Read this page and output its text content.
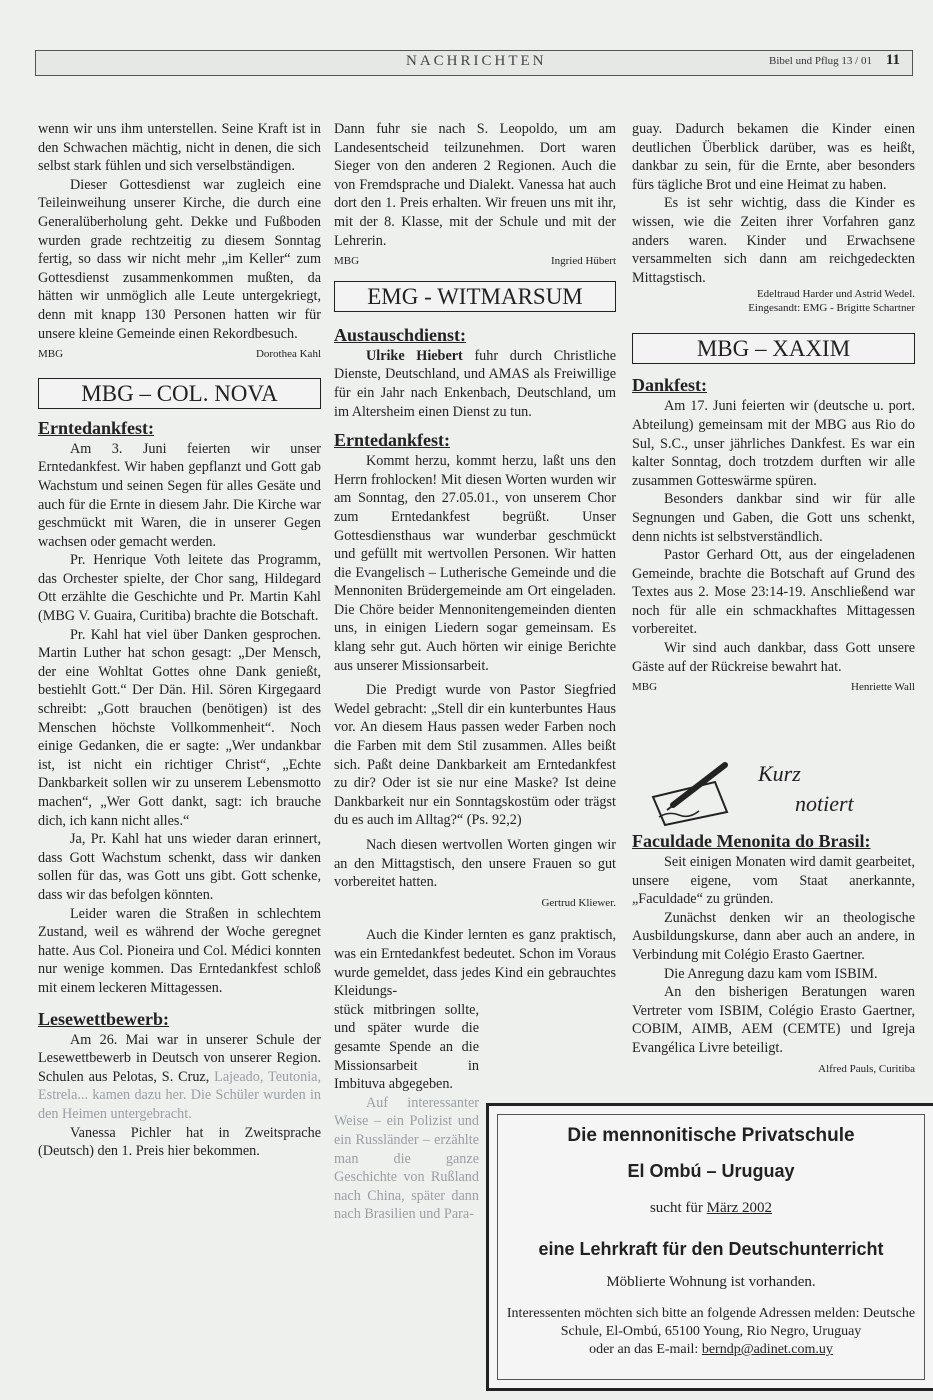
NACHRICHTEN	Bibel und Pflug 13 / 01 11

wenn wir uns ihm unterstellen. Seine Kraft ist in den Schwachen mächtig, nicht in denen, die sich selbst stark fühlen und sich verselbständigen.

Dieser Gottesdienst war zugleich eine Teileinweihung unserer Kirche, die durch eine Generalüberholung geht. Dekke und Fußboden wurden grade rechtzeitig zu diesem Sonntag fertig, so dass wir nicht mehr „im Keller“ zum Gottesdienst zusammenkommen mußten, da hätten wir unmöglich alle Leute untergekriegt, denn mit knapp 130 Personen hatten wir für unsere kleine Gemeinde einen Rekordbesuch.

MBG	Dorothea Kahl
MBG – COL. NOVA
Erntedankfest:

Am 3. Juni feierten wir unser Erntedankfest. Wir haben gepflanzt und Gott gab Wachstum und seinen Segen für alles Gesäte und auch für die Ernte in diesem Jahr. Die Kirche war geschmückt mit Waren, die in unserer Gegen wachsen oder gemacht werden.

Pr. Henrique Voth leitete das Programm, das Orchester spielte, der Chor sang, Hildegard Ott erzählte die Geschichte und Pr. Martin Kahl (MBG V. Guaira, Curitiba) brachte die Botschaft.

Pr. Kahl hat viel über Danken gesprochen. Martin Luther hat schon gesagt: „Der Mensch, der eine Wohltat Gottes ohne Dank genießt, bestiehlt Gott.“ Der Dän. Hil. Sören Kirgegaard schreibt: „Gott brauchen (benötigen) ist des Menschen höchste Vollkommenheit“. Noch einige Gedanken, die er sagte: „Wer undankbar ist, ist nicht ein richtiger Christ“, „Echte Dankbarkeit sollen wir zu unserem Lebensmotto machen“, „Wer Gott dankt, sagt: ich brauche dich, ich kann nicht alles.“

Ja, Pr. Kahl hat uns wieder daran erinnert, dass Gott Wachstum schenkt, dass wir danken sollen für das, was Gott uns gibt. Gott schenke, dass wir das befolgen könnten.

Leider waren die Straßen in schlechtem Zustand, weil es während der Woche geregnet hatte. Aus Col. Pioneira und Col. Médici konnten nur wenige kommen. Das Erntedankfest schloß mit einem leckeren Mittagessen.

Lesewettbewerb:

Am 26. Mai war in unserer Schule der Lesewettbewerb in Deutsch von unserer Region. Schulen aus Pelotas, S. Cruz, Lajeado, Teutonia, Estrela... kamen dazu her. Die Schüler wurden in den Heimen untergebracht.

Vanessa Pichler hat in Zweitsprache (Deutsch) den 1. Preis hier bekommen.

Dann fuhr sie nach S. Leopoldo, um am Landesentscheid teilzunehmen. Dort waren Sieger von den anderen 2 Regionen. Auch die von Fremdsprache und Dialekt. Vanessa hat auch dort den 1. Preis erhalten. Wir freuen uns mit ihr, mit der 8. Klasse, mit der Schule und mit der Lehrerin.

MBG	Ingried Hübert
EMG - WITMARSUM
Austauschdienst:

Ulrike Hiebert fuhr durch Christliche Dienste, Deutschland, und AMAS als Freiwillige für ein Jahr nach Enkenbach, Deutschland, um im Altersheim einen Dienst zu tun.

Erntedankfest:

Kommt herzu, kommt herzu, laßt uns den Herrn frohlocken! Mit diesen Worten wurden wir am Sonntag, den 27.05.01., von unserem Chor zum Erntedankfest begrüßt. Unser Gottesdiensthaus war wunderbar geschmückt und gefüllt mit wertvollen Personen. Wir hatten die Evangelisch – Lutherische Gemeinde und die Mennoniten Brüdergemeinde am Ort eingeladen. Die Chöre beider Mennonitengemeinden dienten uns, in einigen Liedern sogar gemeinsam. Es klang sehr gut. Auch hörten wir einige Berichte aus unserer Missionsarbeit.

Die Predigt wurde von Pastor Siegfried Wedel gebracht: „Stell dir ein kunterbuntes Haus vor. An diesem Haus passen weder Farben noch die Farben mit dem Stil zusammen. Alles beißt sich. Paßt deine Dankbarkeit am Erntedankfest zu dir? Oder ist sie nur eine Maske? Ist deine Dankbarkeit nur ein Sonntagskostüm oder trägst du es auch im Alltag?“ (Ps. 92,2)

Nach diesen wertvollen Worten gingen wir an den Mittagstisch, den unsere Frauen so gut vorbereitet hatten.

Gertrud Kliewer.

Auch die Kinder lernten es ganz praktisch, was ein Erntedankfest bedeutet. Schon im Voraus wurde gemeldet, dass jedes Kind ein gebrauchtes Kleidungs-

stück mitbringen sollte, und später wurde die gesamte Spende an die Missionsarbeit in Imbituva abgegeben.

Auf interessanter Weise – ein Polizist und ein Russländer – erzählte man die ganze Geschichte von Rußland nach China, später dann nach Brasilien und Para-

guay. Dadurch bekamen die Kinder einen deutlichen Überblick darüber, was es heißt, dankbar zu sein, für die Ernte, aber besonders fürs tägliche Brot und eine Heimat zu haben.

Es ist sehr wichtig, dass die Kinder es wissen, wie die Zeiten ihrer Vorfahren ganz anders waren. Kinder und Erwachsene versammelten sich dann am reichgedeckten Mittagstisch.

Edeltraud Harder und Astrid Wedel.
Eingesandt: EMG - Brigitte Schartner
MBG – XAXIM
Dankfest:

Am 17. Juni feierten wir (deutsche u. port. Abteilung) gemeinsam mit der MBG aus Rio do Sul, S.C., unser jährliches Dankfest. Es war ein kalter Sonntag, doch trotzdem durften wir alle zusammen Gotteswärme spüren.

Besonders dankbar sind wir für alle Segnungen und Gaben, die Gott uns schenkt, denn nichts ist selbstverständlich.

Pastor Gerhard Ott, aus der eingeladenen Gemeinde, brachte die Botschaft auf Grund des Textes aus 2. Mose 23:14-19. Anschließend war noch für alle ein schmackhaftes Mittagessen vorbereitet.

Wir sind auch dankbar, dass Gott unsere Gäste auf der Rückreise bewahrt hat.

MBG	Henriette Wall
Kurz
notiert
Faculdade Menonita do Brasil:

Seit einigen Monaten wird damit gearbeitet, unsere eigene, vom Staat anerkannte, „Faculdade“ zu gründen.

Zunächst denken wir an theologische Ausbildungskurse, dann aber auch an andere, in Verbindung mit Colégio Erasto Gaertner.

Die Anregung dazu kam vom ISBIM.

An den bisherigen Beratungen waren Vertreter vom ISBIM, Colégio Erasto Gaertner, COBIM, AIMB, AEM (CEMTE) und Igreja Evangélica Livre beteiligt.

Alfred Pauls, Curitiba
Die mennonitische Privatschule
El Ombú – Uruguay
sucht für März 2002
eine Lehrkraft für den Deutschunterricht
Möblierte Wohnung ist vorhanden.
Interessenten möchten sich bitte an folgende Adressen melden: Deutsche Schule, El-Ombú, 65100 Young, Rio Negro, Uruguay
oder an das E-mail: berndp@adinet.com.uy
